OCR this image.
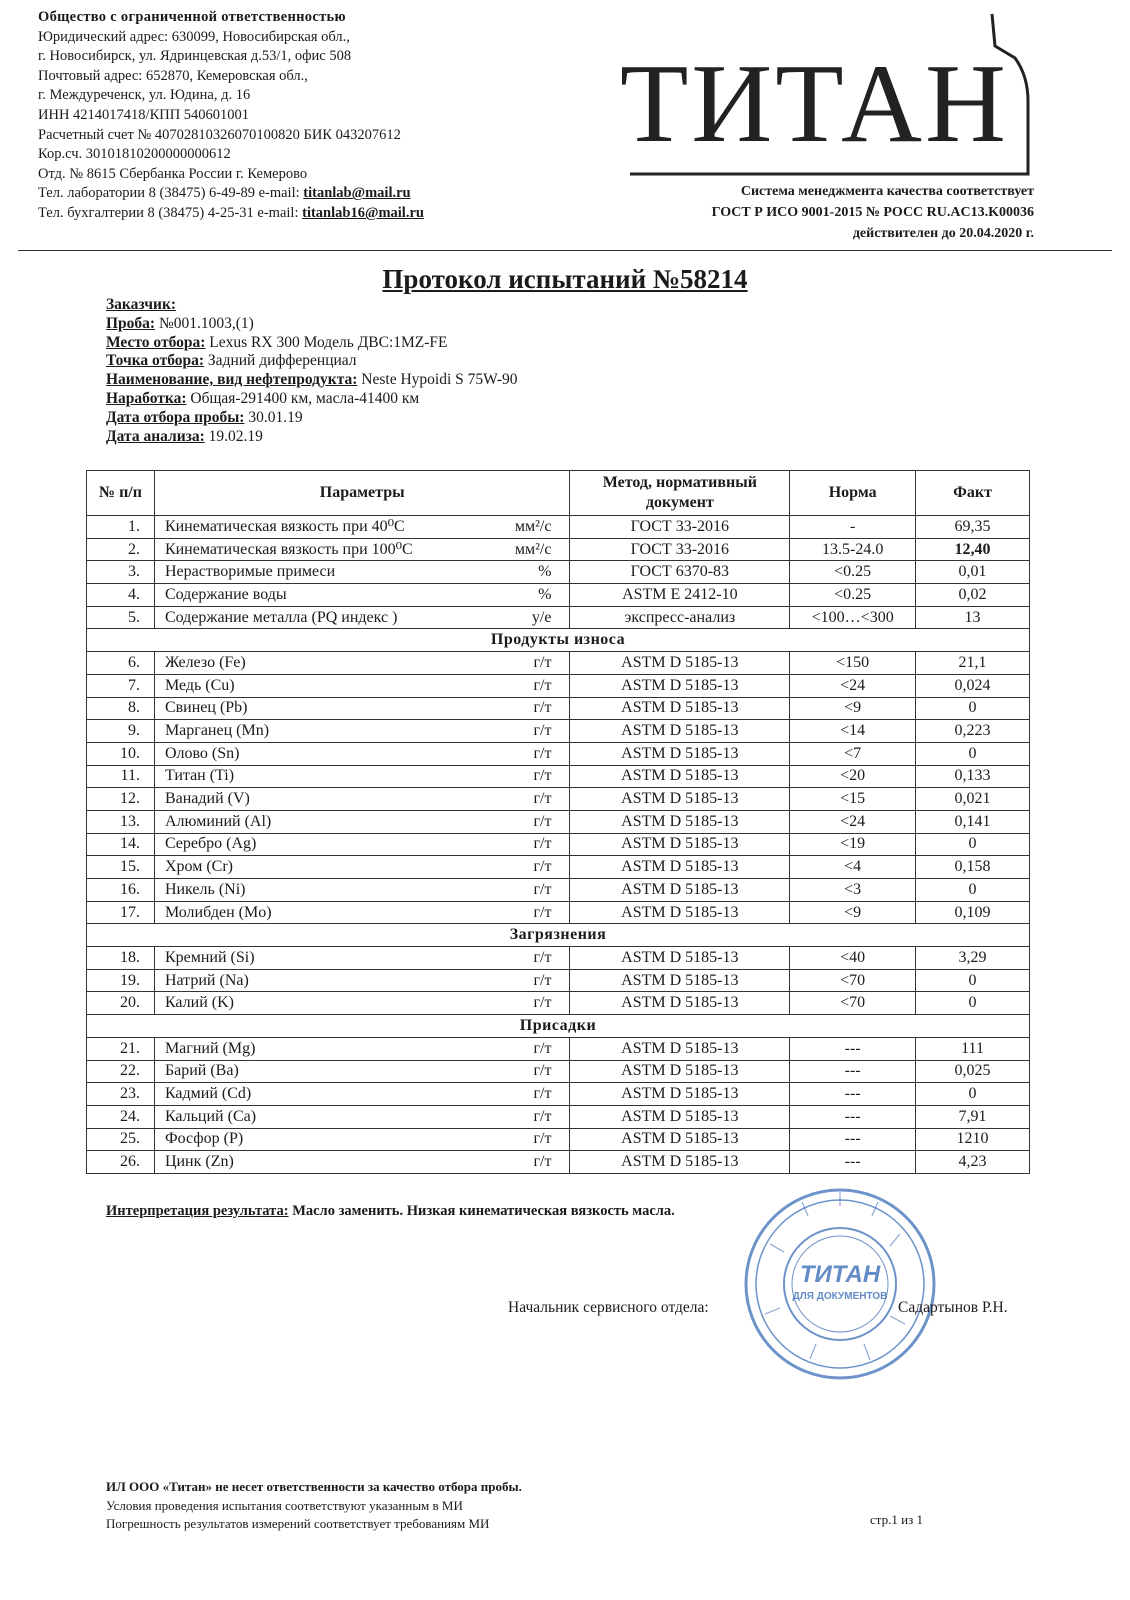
Общество с ограниченной ответственностью
Юридический адрес: 630099, Новосибирская обл.,
г. Новосибирск, ул. Ядринцевская д.53/1, офис 508
Почтовый адрес: 652870, Кемеровская обл.,
г. Междуреченск, ул. Юдина, д. 16
ИНН 4214017418/КПП 540601001
Расчетный счет № 40702810326070100820 БИК 043207612
Кор.сч. 30101810200000000612
Отд. № 8615 Сбербанка России г. Кемерово
Тел. лаборатории 8 (38475) 6-49-89 e-mail: titanlab@mail.ru
Тел. бухгалтерии 8 (38475) 4-25-31 e-mail: titanlab16@mail.ru
ТИТАН
Система менеджмента качества соответствует
ГОСТ Р ИСО 9001-2015 № РОСС RU.AC13.K00036
действителен до 20.04.2020 г.
Протокол испытаний №58214
Заказчик:
Проба: №001.1003,(1)
Место отбора: Lexus RX 300 Модель ДВС:1MZ-FE
Точка отбора: Задний дифференциал
Наименование, вид нефтепродукта: Neste Hypoidi S 75W-90
Наработка: Общая-291400 км, масла-41400 км
Дата отбора пробы: 30.01.19
Дата анализа: 19.02.19
№ п/п	Параметры	Метод, нормативный документ	Норма	Факт
1.	Кинематическая вязкость при 40⁰С мм²/с	ГОСТ 33-2016	-	69,35
2.	Кинематическая вязкость при 100⁰С мм²/с	ГОСТ 33-2016	13.5-24.0	12,40
3.	Нерастворимые примеси %	ГОСТ 6370-83	<0.25	0,01
4.	Содержание воды %	ASTM E 2412-10	<0.25	0,02
5.	Содержание металла (PQ индекс ) у/е	экспресс-анализ	<100…<300	13
Продукты износа				
6.	Железо (Fe) г/т	ASTM D 5185-13	<150	21,1
7.	Медь (Cu) г/т	ASTM D 5185-13	<24	0,024
8.	Свинец (Pb) г/т	ASTM D 5185-13	<9	0
9.	Марганец (Mn) г/т	ASTM D 5185-13	<14	0,223
10.	Олово (Sn) г/т	ASTM D 5185-13	<7	0
11.	Титан (Ti) г/т	ASTM D 5185-13	<20	0,133
12.	Ванадий (V) г/т	ASTM D 5185-13	<15	0,021
13.	Алюминий (Al) г/т	ASTM D 5185-13	<24	0,141
14.	Серебро (Ag) г/т	ASTM D 5185-13	<19	0
15.	Хром (Cr) г/т	ASTM D 5185-13	<4	0,158
16.	Никель (Ni) г/т	ASTM D 5185-13	<3	0
17.	Молибден (Mo) г/т	ASTM D 5185-13	<9	0,109
Загрязнения				
18.	Кремний (Si) г/т	ASTM D 5185-13	<40	3,29
19.	Натрий (Na) г/т	ASTM D 5185-13	<70	0
20.	Калий (K) г/т	ASTM D 5185-13	<70	0
Присадки				
21.	Магний (Mg) г/т	ASTM D 5185-13	---	111
22.	Барий (Ba) г/т	ASTM D 5185-13	---	0,025
23.	Кадмий (Cd) г/т	ASTM D 5185-13	---	0
24.	Кальций (Ca) г/т	ASTM D 5185-13	---	7,91
25.	Фосфор (P) г/т	ASTM D 5185-13	---	1210
26.	Цинк (Zn) г/т	ASTM D 5185-13	---	4,23
Интерпретация результата: Масло заменить. Низкая кинематическая вязкость масла.
ТИТАН
ДЛЯ ДОКУМЕНТОВ
Начальник сервисного отдела:	Садартынов Р.Н.
ИЛ ООО «Титан» не несет ответственности за качество отбора пробы.
Условия проведения испытания соответствуют указанным в МИ
Погрешность результатов измерений соответствует требованиям МИ	стр.1 из 1
